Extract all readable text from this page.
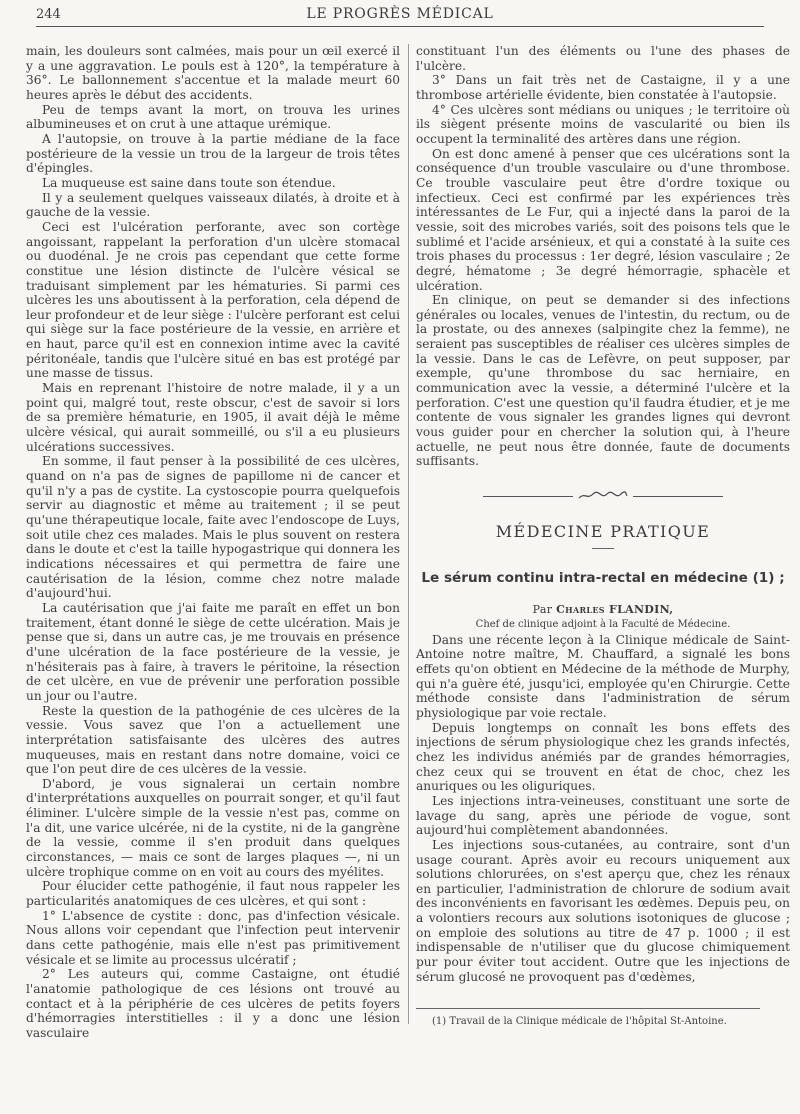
244	LE PROGRÈS MÉDICAL

main, les douleurs sont calmées, mais pour un œil exercé il y a une aggravation. Le pouls est à 120°, la température à 36°. Le ballonnement s'accentue et la malade meurt 60 heures après le début des accidents.

Peu de temps avant la mort, on trouva les urines albumineuses et on crut à une attaque urémique.

A l'autopsie, on trouve à la partie médiane de la face postérieure de la vessie un trou de la largeur de trois têtes d'épingles.

La muqueuse est saine dans toute son étendue.

Il y a seulement quelques vaisseaux dilatés, à droite et à gauche de la vessie.

Ceci est l'ulcération perforante, avec son cortège angoissant, rappelant la perforation d'un ulcère stomacal ou duodénal. Je ne crois pas cependant que cette forme constitue une lésion distincte de l'ulcère vésical se traduisant simplement par les hématuries. Si parmi ces ulcères les uns aboutissent à la perforation, cela dépend de leur profondeur et de leur siège : l'ulcère perforant est celui qui siège sur la face postérieure de la vessie, en arrière et en haut, parce qu'il est en connexion intime avec la cavité péritonéale, tandis que l'ulcère situé en bas est protégé par une masse de tissus.

Mais en reprenant l'histoire de notre malade, il y a un point qui, malgré tout, reste obscur, c'est de savoir si lors de sa première hématurie, en 1905, il avait déjà le même ulcère vésical, qui aurait sommeillé, ou s'il a eu plusieurs ulcérations successives.

En somme, il faut penser à la possibilité de ces ulcères, quand on n'a pas de signes de papillome ni de cancer et qu'il n'y a pas de cystite. La cystoscopie pourra quelquefois servir au diagnostic et même au traitement ; il se peut qu'une thérapeutique locale, faite avec l'endoscope de Luys, soit utile chez ces malades. Mais le plus souvent on restera dans le doute et c'est la taille hypogastrique qui donnera les indications nécessaires et qui permettra de faire une cautérisation de la lésion, comme chez notre malade d'aujourd'hui.

La cautérisation que j'ai faite me paraît en effet un bon traitement, étant donné le siège de cette ulcération. Mais je pense que si, dans un autre cas, je me trouvais en présence d'une ulcération de la face postérieure de la vessie, je n'hésiterais pas à faire, à travers le péritoine, la résection de cet ulcère, en vue de prévenir une perforation possible un jour ou l'autre.

Reste la question de la pathogénie de ces ulcères de la vessie. Vous savez que l'on a actuellement une interprétation satisfaisante des ulcères des autres muqueuses, mais en restant dans notre domaine, voici ce que l'on peut dire de ces ulcères de la vessie.

D'abord, je vous signalerai un certain nombre d'interprétations auxquelles on pourrait songer, et qu'il faut éliminer. L'ulcère simple de la vessie n'est pas, comme on l'a dit, une varice ulcérée, ni de la cystite, ni de la gangrène de la vessie, comme il s'en produit dans quelques circonstances, — mais ce sont de larges plaques —, ni un ulcère trophique comme on en voit au cours des myélites.

Pour élucider cette pathogénie, il faut nous rappeler les particularités anatomiques de ces ulcères, et qui sont :

1° L'absence de cystite : donc, pas d'infection vésicale. Nous allons voir cependant que l'infection peut intervenir dans cette pathogénie, mais elle n'est pas primitivement vésicale et se limite au processus ulcératif ;

2° Les auteurs qui, comme Castaigne, ont étudié l'anatomie pathologique de ces lésions ont trouvé au contact et à la périphérie de ces ulcères de petits foyers d'hémorragies interstitielles : il y a donc une lésion vasculaire

constituant l'un des éléments ou l'une des phases de l'ulcère.

3° Dans un fait très net de Castaigne, il y a une thrombose artérielle évidente, bien constatée à l'autopsie.

4° Ces ulcères sont médians ou uniques ; le territoire où ils siègent présente moins de vascularité ou bien ils occupent la terminalité des artères dans une région.

On est donc amené à penser que ces ulcérations sont la conséquence d'un trouble vasculaire ou d'une thrombose. Ce trouble vasculaire peut être d'ordre toxique ou infectieux. Ceci est confirmé par les expériences très intéressantes de Le Fur, qui a injecté dans la paroi de la vessie, soit des microbes variés, soit des poisons tels que le sublimé et l'acide arsénieux, et qui a constaté à la suite ces trois phases du processus : 1er degré, lésion vasculaire ; 2e degré, hématome ; 3e degré hémorragie, sphacèle et ulcération.

En clinique, on peut se demander si des infections générales ou locales, venues de l'intestin, du rectum, ou de la prostate, ou des annexes (salpingite chez la femme), ne seraient pas susceptibles de réaliser ces ulcères simples de la vessie. Dans le cas de Lefèvre, on peut supposer, par exemple, qu'une thrombose du sac herniaire, en communication avec la vessie, a déterminé l'ulcère et la perforation. C'est une question qu'il faudra étudier, et je me contente de vous signaler les grandes lignes qui devront vous guider pour en chercher la solution qui, à l'heure actuelle, ne peut nous être donnée, faute de documents suffisants.

MÉDECINE PRATIQUE
Le sérum continu intra-rectal en médecine (1) ;

Par Charles FLANDIN,

Chef de clinique adjoint à la Faculté de Médecine.

Dans une récente leçon à la Clinique médicale de Saint-Antoine notre maître, M. Chauffard, a signalé les bons effets qu'on obtient en Médecine de la méthode de Murphy, qui n'a guère été, jusqu'ici, employée qu'en Chirurgie. Cette méthode consiste dans l'administration de sérum physiologique par voie rectale.

Depuis longtemps on connaît les bons effets des injections de sérum physiologique chez les grands infectés, chez les individus anémiés par de grandes hémorragies, chez ceux qui se trouvent en état de choc, chez les anuriques ou les oliguriques.

Les injections intra-veineuses, constituant une sorte de lavage du sang, après une période de vogue, sont aujourd'hui complètement abandonnées.

Les injections sous-cutanées, au contraire, sont d'un usage courant. Après avoir eu recours uniquement aux solutions chlorurées, on s'est aperçu que, chez les rénaux en particulier, l'administration de chlorure de sodium avait des inconvénients en favorisant les œdèmes. Depuis peu, on a volontiers recours aux solutions isotoniques de glucose ; on emploie des solutions au titre de 47 p. 1000 ; il est indispensable de n'utiliser que du glucose chimiquement pur pour éviter tout accident. Outre que les injections de sérum glucosé ne provoquent pas d'œdèmes,

(1) Travail de la Clinique médicale de l'hôpital St-Antoine.
